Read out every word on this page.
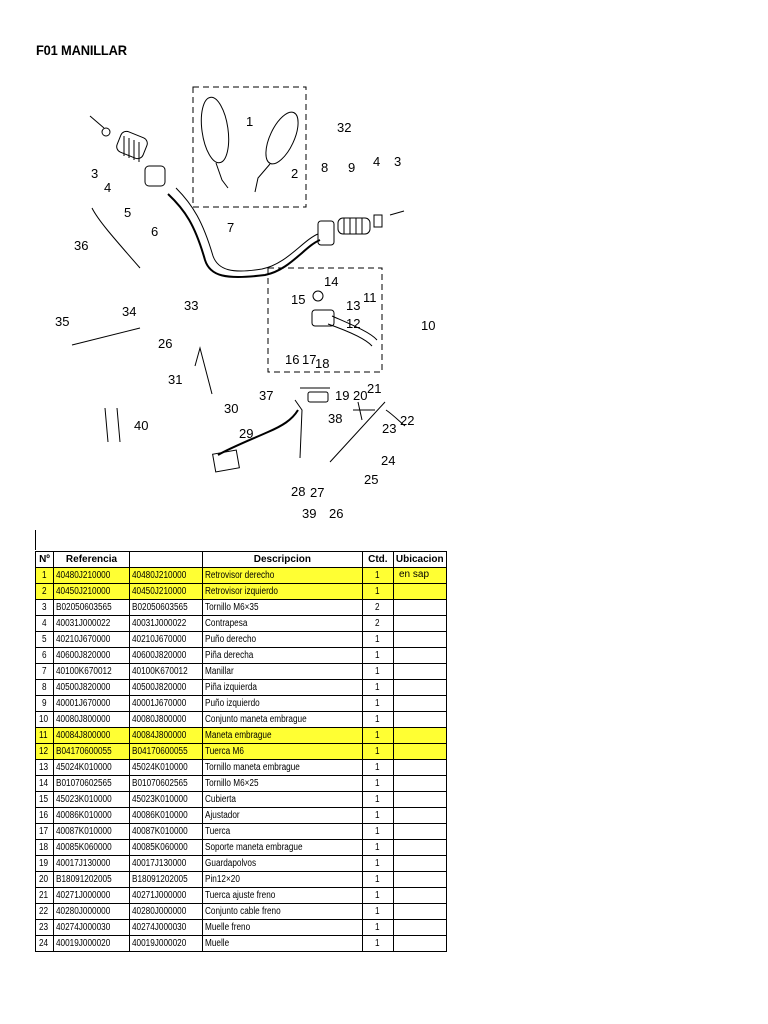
F01 MANILLAR
1	32
2
3
4
5
6
8 9 4 3
36
7
14
15	13
11
12	10
34	33
26
35
16 17
18
31
37	19 20 21
30
38	22
23
29
40
24
25
28 27
39 26
Nº	Referencia		Descripcion	Ctd.	Ubicacion
1	40480J210000	40480J210000	Retrovisor derecho	1	
2	40450J210000	40450J210000	Retrovisor izquierdo	1	
3	B02050603565	B02050603565	Tornillo M6×35	2	
4	40031J000022	40031J000022	Contrapesa	2	
5	40210J670000	40210J670000	Puño derecho	1	
6	40600J820000	40600J820000	Piña derecha	1	
7	40100K670012	40100K670012	Manillar	1	
8	40500J820000	40500J820000	Piña izquierda	1	
9	40001J670000	40001J670000	Puño izquierdo	1	
10	40080J800000	40080J800000	Conjunto maneta embrague	1	
11	40084J800000	40084J800000	Maneta embrague	1	
12	B04170600055	B04170600055	Tuerca M6	1	
13	45024K010000	45024K010000	Tornillo maneta embrague	1	
14	B01070602565	B01070602565	Tornillo M6×25	1	
15	45023K010000	45023K010000	Cubierta	1	
16	40086K010000	40086K010000	Ajustador	1	
17	40087K010000	40087K010000	Tuerca	1	
18	40085K060000	40085K060000	Soporte maneta embrague	1	
19	40017J130000	40017J130000	Guardapolvos	1	
20	B18091202005	B18091202005	Pin12×20	1	
21	40271J000000	40271J000000	Tuerca ajuste freno	1	
22	40280J000000	40280J000000	Conjunto cable freno	1	
23	40274J000030	40274J000030	Muelle freno	1	
24	40019J000020	40019J000020	Muelle	1	
en sap
